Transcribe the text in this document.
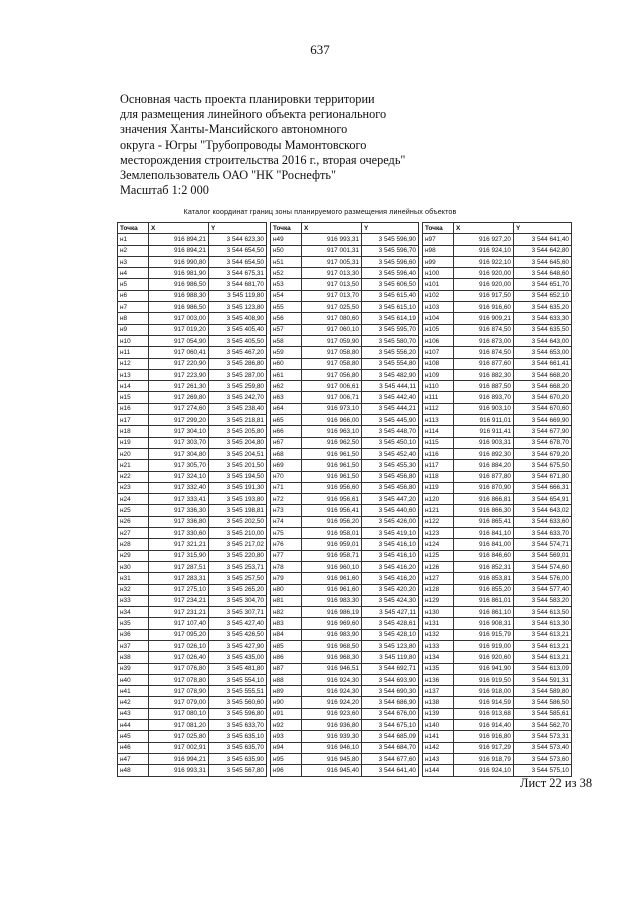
637
Основная часть проекта планировки территории
для размещения линейного объекта регионального
значения Ханты-Мансийского автономного
округа - Югры "Трубопроводы Мамонтовского
месторождения строительства 2016 г., вторая очередь"
Землепользователь ОАО "НК "Роснефть"
Масштаб 1:2 000
Каталог координат границ зоны планируемого размещения линейных объектов
Точка	X	Y
н1	916 894,21	3 544 623,30
н2	916 894,21	3 544 654,50
н3	916 990,80	3 544 654,50
н4	916 981,90	3 544 675,31
н5	916 986,50	3 544 681,70
н6	916 988,30	3 545 119,80
н7	916 986,50	3 545 123,80
н8	917 003,00	3 545 408,90
н9	917 019,20	3 545 405,40
н10	917 054,90	3 545 405,50
н11	917 060,41	3 545 467,20
н12	917 220,90	3 545 286,80
н13	917 223,90	3 545 287,00
н14	917 261,30	3 545 259,80
н15	917 269,80	3 545 242,70
н16	917 274,60	3 545 238,40
н17	917 299,20	3 545 218,81
н18	917 304,10	3 545 205,80
н19	917 303,70	3 545 204,80
н20	917 304,80	3 545 204,51
н21	917 305,70	3 545 201,50
н22	917 324,10	3 545 194,50
н23	917 332,40	3 545 191,30
н24	917 333,41	3 545 193,80
н25	917 336,30	3 545 198,81
н26	917 336,80	3 545 202,50
н27	917 330,60	3 545 210,00
н28	917 321,21	3 545 217,02
н29	917 315,90	3 545 220,80
н30	917 287,51	3 545 253,71
н31	917 283,31	3 545 257,50
н32	917 275,10	3 545 265,20
н33	917 234,21	3 545 304,70
н34	917 231,21	3 545 307,71
н35	917 107,40	3 545 427,40
н36	917 095,20	3 545 426,50
н37	917 026,10	3 545 427,90
н38	917 026,40	3 545 435,00
н39	917 076,80	3 545 481,80
н40	917 078,80	3 545 554,10
н41	917 078,90	3 545 555,51
н42	917 079,00	3 545 560,60
н43	917 080,10	3 545 596,80
н44	917 081,20	3 545 633,70
н45	917 025,80	3 545 635,10
н46	917 002,91	3 545 635,70
н47	916 994,21	3 545 635,90
н48	916 993,31	3 545 567,80
Точка	X	Y
н49	916 993,31	3 545 596,90
н50	917 001,31	3 545 596,70
н51	917 005,31	3 545 596,60
н52	917 013,30	3 545 596,40
н53	917 013,50	3 545 606,50
н54	917 013,70	3 545 615,40
н55	917 025,50	3 545 615,10
н56	917 080,60	3 545 614,19
н57	917 060,10	3 545 595,70
н58	917 059,90	3 545 580,70
н59	917 058,80	3 545 556,20
н60	917 058,80	3 545 554,80
н61	917 056,80	3 545 482,90
н62	917 006,61	3 545 444,11
н63	917 006,71	3 545 442,40
н64	916 973,10	3 545 444,21
н65	916 966,00	3 545 445,90
н66	916 963,10	3 545 448,70
н67	916 962,50	3 545 450,10
н68	916 961,50	3 545 452,40
н69	916 961,50	3 545 455,30
н70	916 961,50	3 545 456,80
н71	916 956,60	3 545 456,80
н72	916 956,61	3 545 447,20
н73	916 956,41	3 545 440,60
н74	916 956,20	3 545 426,00
н75	916 958,01	3 545 419,10
н76	916 959,01	3 545 416,10
н77	916 958,71	3 545 416,10
н78	916 960,10	3 545 416,20
н79	916 961,60	3 545 416,20
н80	916 961,60	3 545 420,20
н81	916 983,30	3 545 424,30
н82	916 986,19	3 545 427,11
н83	916 969,60	3 545 428,61
н84	916 983,90	3 545 428,10
н85	916 968,50	3 545 123,80
н86	916 968,30	3 545 119,80
н87	916 946,51	3 544 692,71
н88	916 924,30	3 544 693,90
н89	916 924,30	3 544 690,30
н90	916 924,20	3 544 686,90
н91	916 923,60	3 544 676,00
н92	916 936,80	3 544 675,10
н93	916 939,30	3 544 685,09
н94	916 946,10	3 544 684,70
н95	916 945,80	3 544 677,60
н96	916 945,40	3 544 641,40
Точка	X	Y
н97	916 927,20	3 544 641,40
н98	916 924,10	3 544 642,80
н99	916 922,10	3 544 645,60
н100	916 920,00	3 544 648,60
н101	916 920,00	3 544 651,70
н102	916 917,50	3 544 652,10
н103	916 916,60	3 544 635,20
н104	916 909,21	3 544 633,30
н105	916 874,50	3 544 635,50
н106	916 873,00	3 544 643,00
н107	916 874,50	3 544 653,00
н108	916 877,60	3 544 661,41
н109	916 882,30	3 544 668,20
н110	916 887,50	3 544 668,20
н111	916 893,70	3 544 670,20
н112	916 903,10	3 544 670,60
н113	916 911,01	3 544 669,90
н114	916 911,41	3 544 677,90
н115	916 903,31	3 544 678,70
н116	916 892,30	3 544 679,20
н117	916 884,20	3 544 675,50
н118	916 877,80	3 544 671,80
н119	916 870,90	3 544 666,31
н120	916 866,81	3 544 654,91
н121	916 866,30	3 544 643,02
н122	916 865,41	3 544 633,60
н123	916 841,10	3 544 633,70
н124	916 841,00	3 544 574,71
н125	916 846,60	3 544 569,01
н126	916 852,31	3 544 574,60
н127	916 853,81	3 544 576,00
н128	916 855,20	3 544 577,40
н129	916 861,01	3 544 583,20
н130	916 861,10	3 544 613,50
н131	916 908,31	3 544 613,30
н132	916 915,79	3 544 613,21
н133	916 919,00	3 544 613,21
н134	916 920,60	3 544 613,21
н135	916 941,90	3 544 613,09
н136	916 919,50	3 544 591,31
н137	916 918,00	3 544 589,80
н138	916 914,59	3 544 586,50
н139	916 913,68	3 544 585,61
н140	916 914,40	3 544 562,70
н141	916 916,80	3 544 573,31
н142	916 917,29	3 544 573,40
н143	916 918,79	3 544 573,60
н144	916 924,10	3 544 575,10
Лист 22 из 38
